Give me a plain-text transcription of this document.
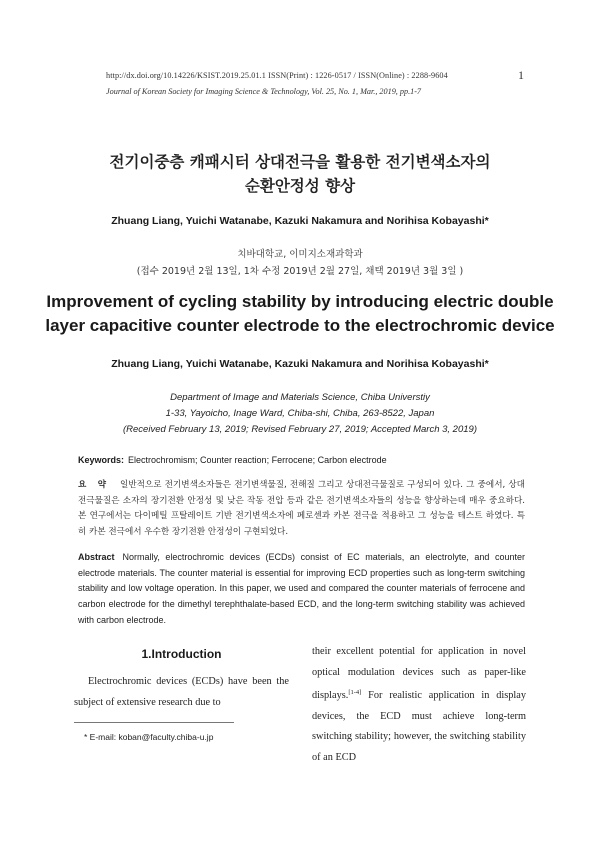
http://dx.doi.org/10.14226/KSIST.2019.25.01.1 ISSN(Print) : 1226-0517 / ISSN(Online) : 2288-9604
Journal of Korean Society for Imaging Science & Technology, Vol. 25, No. 1, Mar., 2019, pp.1-7
1
전기이중층 캐패시터 상대전극을 활용한 전기변색소자의
순환안정성 향상
Zhuang Liang, Yuichi Watanabe, Kazuki Nakamura and Norihisa Kobayashi*
치바대학교, 이미지소재과학과
(접수 2019년 2월 13일, 1차 수정 2019년 2월 27일, 채택 2019년 3월 3일 )
Improvement of cycling stability by introducing electric double
layer capacitive counter electrode to the electrochromic device
Zhuang Liang, Yuichi Watanabe, Kazuki Nakamura and Norihisa Kobayashi*
Department of Image and Materials Science, Chiba Universtiy
1-33, Yayoicho, Inage Ward, Chiba-shi, Chiba, 263-8522, Japan
(Received February 13, 2019; Revised February 27, 2019; Accepted March 3, 2019)
Keywords: Electrochromism; Counter reaction; Ferrocene; Carbon electrode
요 약 일반적으로 전기변색소자들은 전기변색물질, 전해질 그리고 상대전극물질로 구성되어 있다. 그 중에서, 상대전극물질은 소자의 장기전환 안정성 및 낮은 작동 전압 등과 같은 전기변색소자들의 성능을 향상하는데 매우 중요하다. 본 연구에서는 다이메틸 프탈레이트 기반 전기변색소자에 페로센과 카본 전극을 적용하고 그 성능을 테스트 하였다. 특히 카본 전극에서 우수한 장기전환 안정성이 구현되었다.
Abstract Normally, electrochromic devices (ECDs) consist of EC materials, an electrolyte, and counter electrode materials. The counter material is essential for improving ECD properties such as long-term switching stability and low voltage operation. In this paper, we used and compared the counter materials of ferrocene and carbon electrode for the dimethyl terephthalate-based ECD, and the long-term switching stability was achieved with carbon electrode.
1.Introduction
Electrochromic devices (ECDs) have been the subject of extensive research due to
their excellent potential for application in novel optical modulation devices such as paper-like displays.[1-4] For realistic application in display devices, the ECD must achieve long-term switching stability; however, the switching stability of an ECD
* E-mail: koban@faculty.chiba-u.jp
